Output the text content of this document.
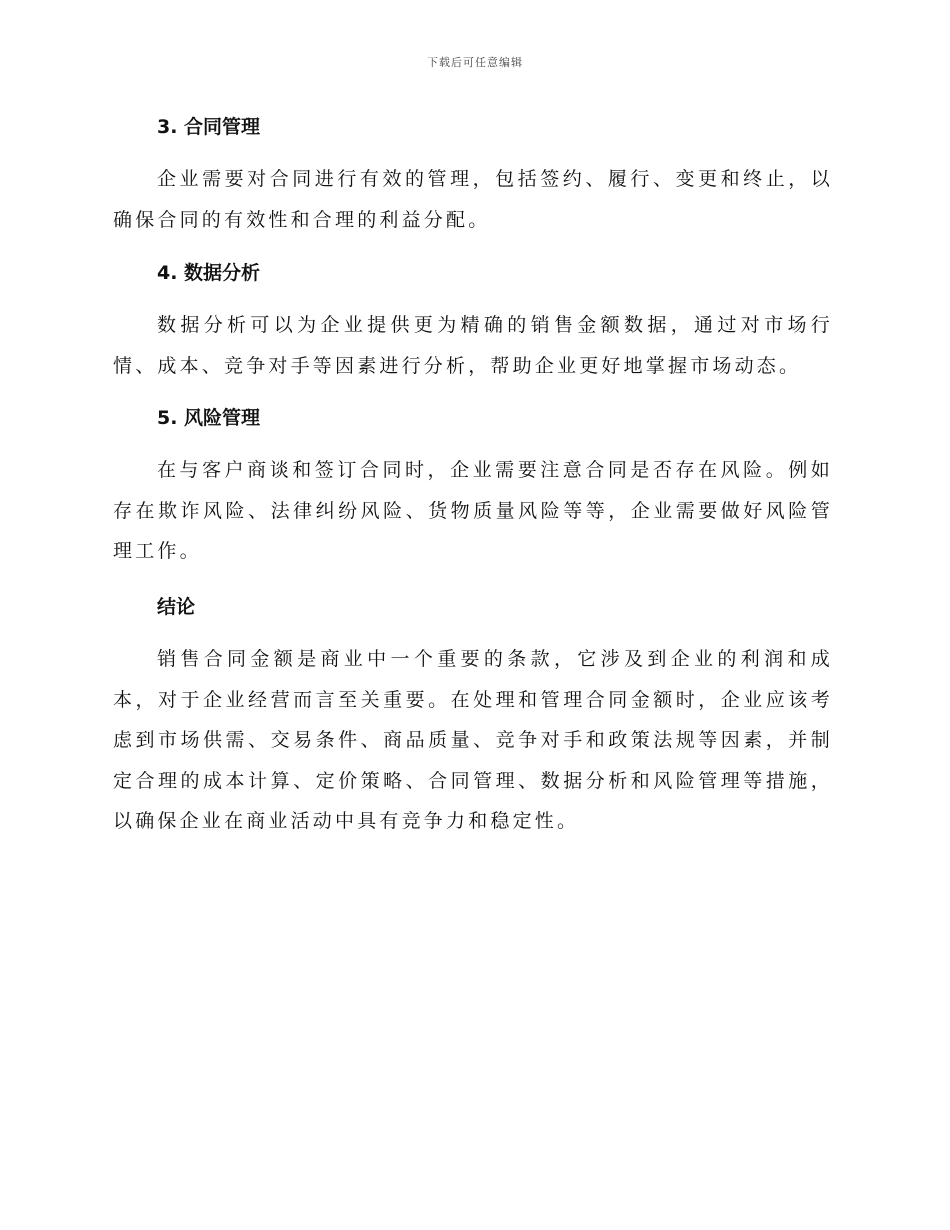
下载后可任意编辑
3. 合同管理

企业需要对合同进行有效的管理，包括签约、履行、变更和终止，以确保合同的有效性和合理的利益分配。

4. 数据分析

数据分析可以为企业提供更为精确的销售金额数据，通过对市场行情、成本、竞争对手等因素进行分析，帮助企业更好地掌握市场动态。

5. 风险管理

在与客户商谈和签订合同时，企业需要注意合同是否存在风险。例如存在欺诈风险、法律纠纷风险、货物质量风险等等，企业需要做好风险管理工作。

结论

销售合同金额是商业中一个重要的条款，它涉及到企业的利润和成本，对于企业经营而言至关重要。在处理和管理合同金额时，企业应该考虑到市场供需、交易条件、商品质量、竞争对手和政策法规等因素，并制定合理的成本计算、定价策略、合同管理、数据分析和风险管理等措施，以确保企业在商业活动中具有竞争力和稳定性。
